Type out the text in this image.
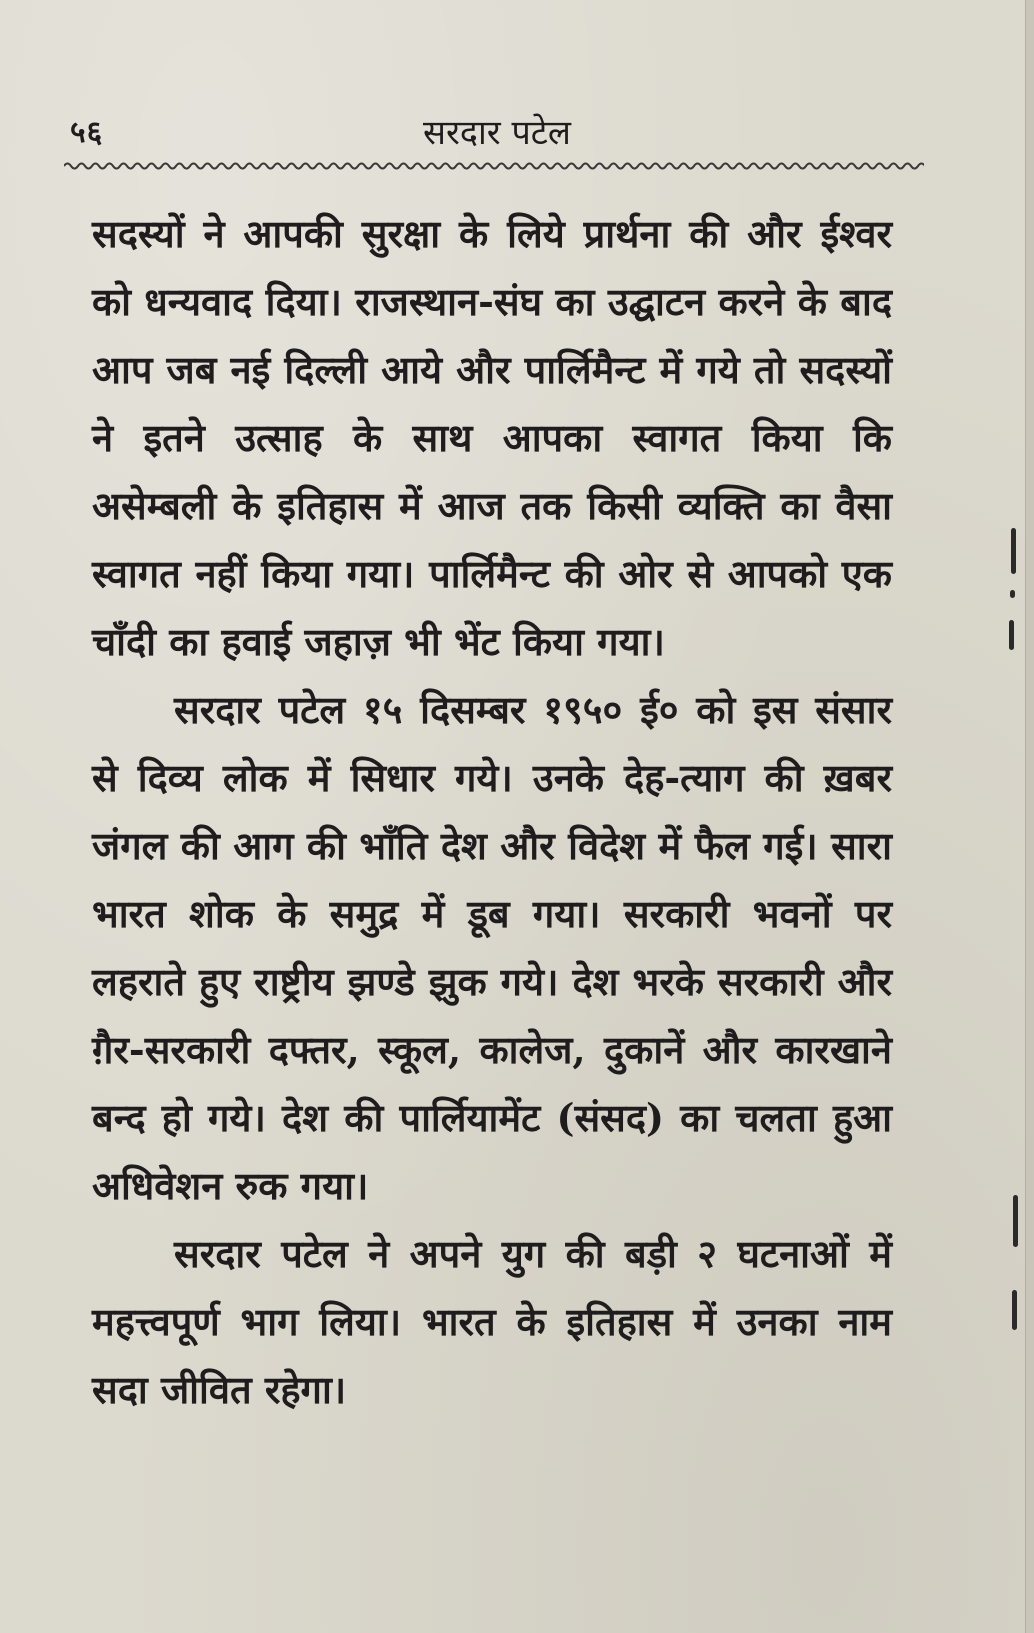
५६	सरदार पटेल

सदस्यों ने आपकी सुरक्षा के लिये प्रार्थना की और ईश्वर को धन्यवाद दिया। राजस्थान-संघ का उद्घाटन करने के बाद आप जब नई दिल्ली आये और पार्लिमैन्ट में गये तो सदस्यों ने इतने उत्साह के साथ आपका स्वागत किया कि असेम्बली के इतिहास में आज तक किसी व्यक्ति का वैसा स्वागत नहीं किया गया। पार्लिमैन्ट की ओर से आपको एक चाँदी का हवाई जहाज़ भी भेंट किया गया।

सरदार पटेल १५ दिसम्बर १९५० ई० को इस संसार से दिव्य लोक में सिधार गये। उनके देह-त्याग की ख़बर जंगल की आग की भाँति देश और विदेश में फैल गई। सारा भारत शोक के समुद्र में डूब गया। सरकारी भवनों पर लहराते हुए राष्ट्रीय झण्डे झुक गये। देश भरके सरकारी और ग़ैर-सरकारी दफ्तर, स्कूल, कालेज, दुकानें और कारखाने बन्द हो गये। देश की पार्लियामेंट (संसद) का चलता हुआ अधिवेशन रुक गया।

सरदार पटेल ने अपने युग की बड़ी २ घटनाओं में महत्त्वपूर्ण भाग लिया। भारत के इतिहास में उनका नाम सदा जीवित रहेगा।
